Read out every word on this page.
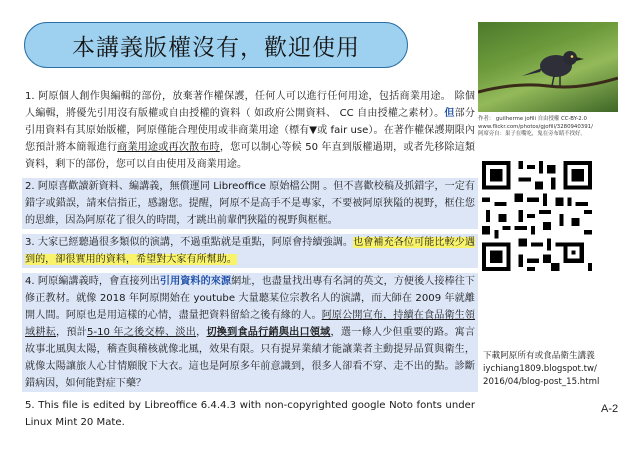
本講義版權沒有，歡迎使用

1. 阿原個人創作與編輯的部份，放棄著作權保護，任何人可以進行任何用途，包括商業用途。 除個人編輯，將優先引用沒有版權或自由授權的資料（ 如政府公開資料、 CC 自由授權之素材）。但部分引用資料有其原始版權，阿原僅能合理使用或非商業用途（標有▼或 fair use）。在著作權保護期限內您預計將本簡報進行商業用途或再次散布時，您可以制心等候 50 年直到版權過期，或者先移除這類資料，剩下的部份，您可以自由使用及商業用途。

2. 阿原喜歡讀新資料、編講義，無償運同 Libreoffice 原始檔公開 。但不喜歡校稿及抓錯字，一定有錯字或錯誤，請來信指正，感謝您。提醒，阿原不是高手不是專家，不要被阿原狹隘的視野，框住您的思維，因為阿原花了很久的時間，才跳出前輩們狹隘的視野與框框。

3. 大家已經聽過很多類似的演講，不過重點就是重點，阿原會持續強調。也會補充各位可能比較少遇到的，卻很實用的資料，希望對大家有所幫助。

4. 阿原編講義時，會直接列出引用資料的來源網址，也盡量找出專有名詞的英文，方便後人接棒往下修正教材。就像 2018 年阿原開始在 youtube 大量聽某位宗教名人的演講，而大師在 2009 年就離開人間。阿原也是用這樣的心情，盡量把資料留給之後有緣的人。阿原公開宣布，持續在食品衛生領域耕耘，預計5-10 年之後交棒、淡出，切換到食品行銷與出口領域，選一條人少但重要的路。寓言故事北風與太陽，稽查與稽核就像北風，效果有限。只有提昇業績才能讓業者主動提昇品質與衛生，就像太陽讓旅人心甘情願脫下大衣。這也是阿原多年前意識到，很多人卻看不穿、走不出的點。診斷錯病因，如何能對症下藥？

5. This file is edited by Libreoffice 6.4.4.3 with non-copyrighted google Noto fonts under Linux Mint 20 Mate.

作者： guilherme jofili 自由授權 CC-BY-2.0
www.flickr.com/photos/gjofili/3280940391/
阿席旁自：果子在嘴吃，鬼在旁布睛不找好。
下載阿原所有或食品衛生講義
iychiang1809.blogspot.tw/
2016/04/blog-post_15.html
A-2
